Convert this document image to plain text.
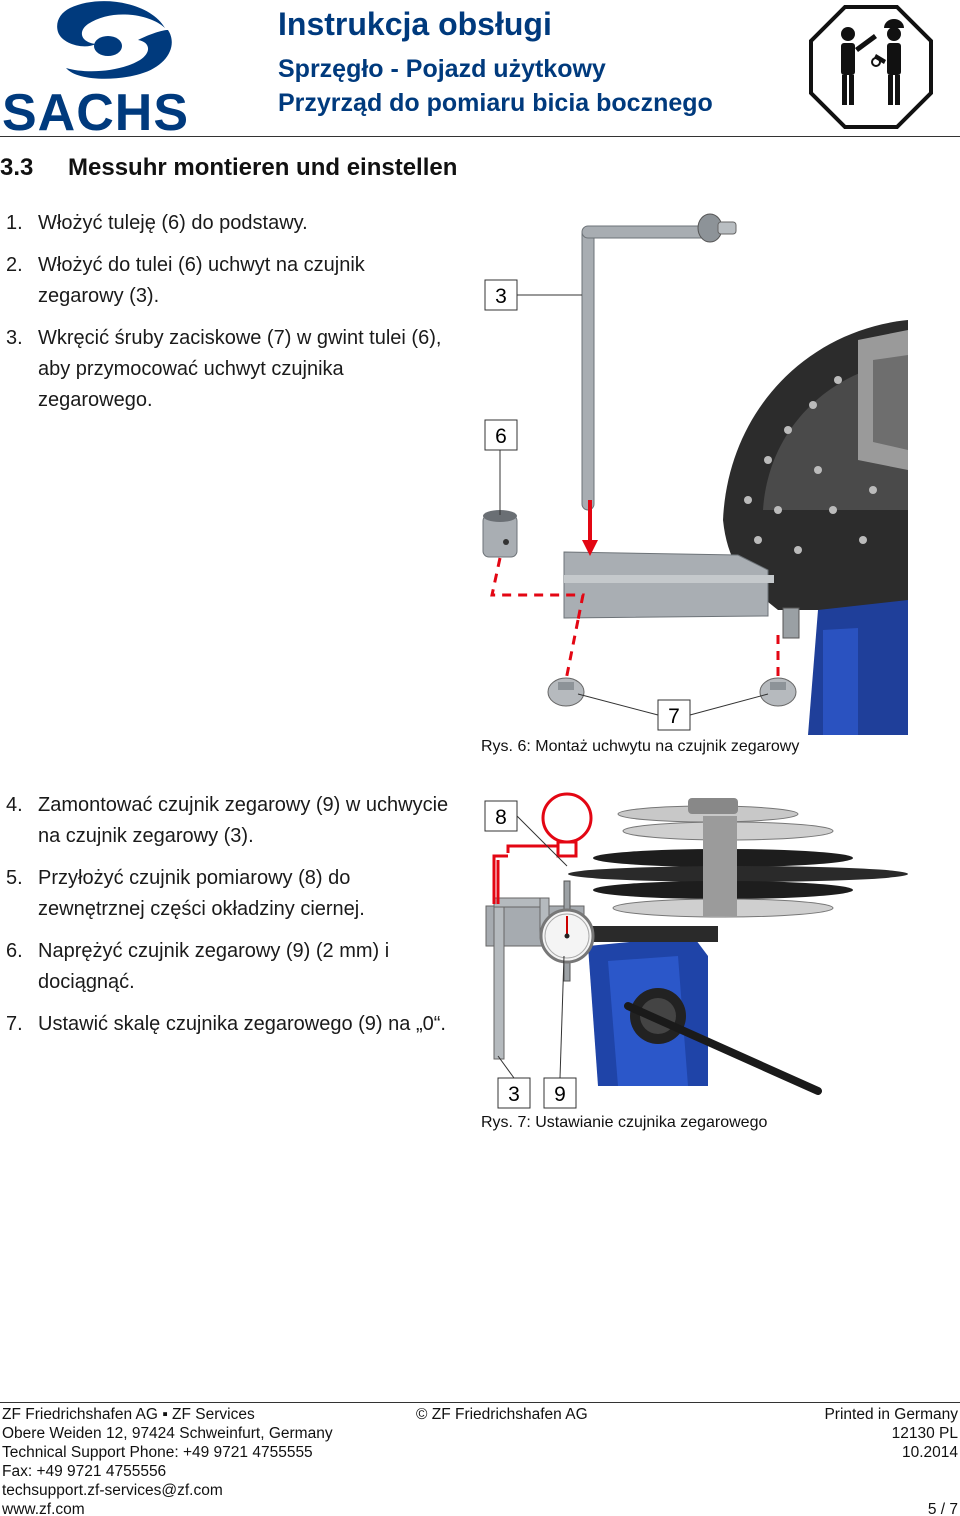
SACHS
Instrukcja obsługi
Sprzęgło - Pojazd użytkowy
Przyrząd do pomiaru bicia bocznego
3.3 Messuhr montieren und einstellen
1. Włożyć tuleję (6) do podstawy.
2. Włożyć do tulei (6) uchwyt na czujnik zegarowy (3).
3. Wkręcić śruby zaciskowe (7) w gwint tulei (6), aby przymocować uchwyt czujnika zegarowego.
3
6
7
Rys. 6: Montaż uchwytu na czujnik zegarowy
4. Zamontować czujnik zegarowy (9) w uchwycie na czujnik zegarowy (3).
5. Przyłożyć czujnik pomiarowy (8) do zewnętrznej części okładziny ciernej.
6. Naprężyć czujnik zegarowy (9) (2 mm) i dociągnąć.
7. Ustawić skalę czujnika zegarowego (9) na „0“.
8
3 9
Rys. 7: Ustawianie czujnika zegarowego
ZF Friedrichshafen AG ▪ ZF Services
Obere Weiden 12, 97424 Schweinfurt, Germany
Technical Support Phone: +49 9721 4755555
Fax: +49 9721 4755556
techsupport.zf-services@zf.com
www.zf.com
© ZF Friedrichshafen AG	Printed in Germany
12130 PL
10.2014
5 / 7
